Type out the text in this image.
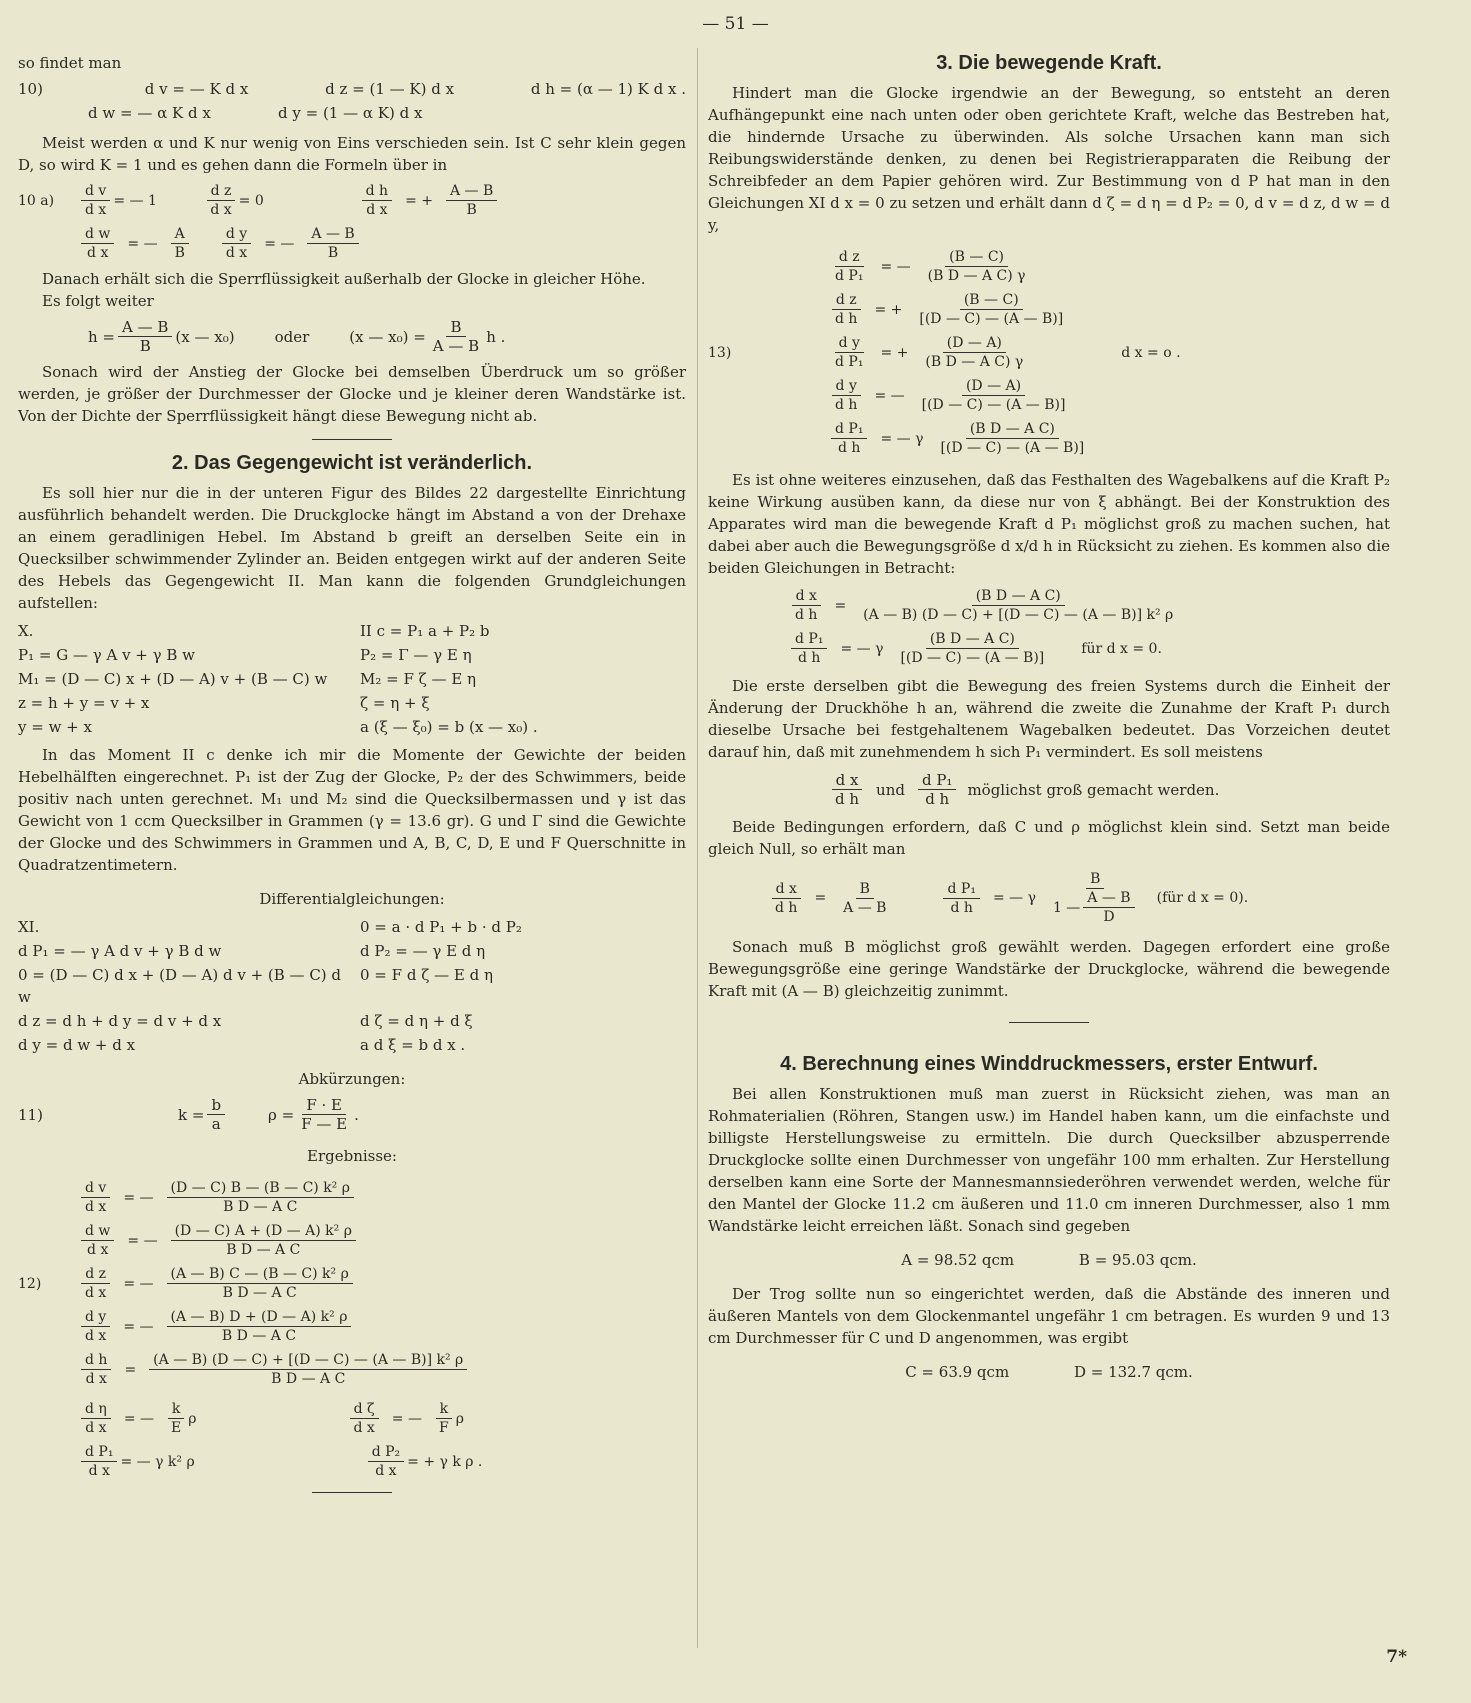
— 51 —

so findet man

10)	d v = — K d x	d z = (1 — K) d x	d h = (α — 1) K d x .
d w = — α K d x	d y = (1 — α K) d x

Meist werden α und K nur wenig von Eins verschieden sein. Ist C sehr klein gegen D, so wird K = 1 und es gehen dann die Formeln über in

10 a)	$\frac{\text{d v}}{\text{d x}}$ = — 1	$\frac{\text{d z}}{\text{d x}} = 0$	$\frac{\text{d h}}{\text{d x}}$ = + $\frac{A — B}{B}$
$\frac{\text{d w}}{\text{d x}}$ = — $\frac{A}{B} \frac{\text{d y}}{\text{d x}}$ = — $\frac{A — B}{B}$

Danach erhält sich die Sperrflüssigkeit außerhalb der Glocke in gleicher Höhe.

Es folgt weiter

$h = \frac{A — B}{B} (x$ — x₀)	oder	(x — $x_0) = \frac{B}{A — B}$ h .

Sonach wird der Anstieg der Glocke bei demselben Überdruck um so größer werden, je größer der Durchmesser der Glocke und je kleiner deren Wandstärke ist. Von der Dichte der Sperrflüssigkeit hängt diese Bewegung nicht ab.

2. Das Gegengewicht ist veränderlich.

Es soll hier nur die in der unteren Figur des Bildes 22 dargestellte Einrichtung ausführlich behandelt werden. Die Druckglocke hängt im Abstand a von der Drehaxe an einem geradlinigen Hebel. Im Abstand b greift an derselben Seite ein in Quecksilber schwimmender Zylinder an. Beiden entgegen wirkt auf der anderen Seite des Hebels das Gegengewicht II. Man kann die folgenden Grundgleichungen aufstellen:

X.	II c = P₁ a + P₂ b
P₁ = G — γ A v + γ B w	P₂ = Γ — γ E η
M₁ = (D — C) x + (D — A) v + (B — C) w	M₂ = F ζ — E η
z = h + y = v + x	ζ = η + ξ
y = w + x	a (ξ — ξ₀) = b (x — x₀) .

In das Moment II c denke ich mir die Momente der Gewichte der beiden Hebelhälften eingerechnet. P₁ ist der Zug der Glocke, P₂ der des Schwimmers, beide positiv nach unten gerechnet. M₁ und M₂ sind die Quecksilbermassen und γ ist das Gewicht von 1 ccm Quecksilber in Grammen (γ = 13.6 gr). G und Γ sind die Gewichte der Glocke und des Schwimmers in Grammen und A, B, C, D, E und F Querschnitte in Quadratzentimetern.

Differentialgleichungen:
XI.	0 = a · d P₁ + b · d P₂
d P₁ = — γ A d v + γ B d w	d P₂ = — γ E d η
0 = (D — C) d x + (D — A) d v + (B — C) d w
0 = F d ζ — E d η
d z = d h + d y = d v + d x	d ζ = d η + d ξ
d y = d w + d x	a d ξ = b d x .
Abkürzungen:
11)	$k = \frac{b}{a}$	$\rho = \frac{F \cdot E}{F — E}$ .
Ergebnisse:
12)
$\frac{\text{d v}}{\text{d x}}$ = — $\frac{\text{(D — C) B — (B — C) k² ρ}}{\text{B D — A C}}$
$\frac{\text{d w}}{\text{d x}}$ = — $\frac{\text{(D — C) A + (D — A) k² ρ}}{\text{B D — A C}}$
$\frac{\text{d z}}{\text{d x}}$ = — $\frac{\text{(A — B) C — (B — C) k² ρ}}{\text{B D — A C}}$
$\frac{\text{d y}}{\text{d x}}$ = — $\frac{\text{(A — B) D + (D — A) k² ρ}}{\text{B D — A C}}$
$\frac{\text{d h}}{\text{d x}} = \frac{\text{(A — B) (D — C) + [(D — C) — (A — B)] k² ρ}}{\text{B D — A C}}$
$\frac{\text{d η}}{\text{d x}}$ = — $\frac{k}{E}$ ρ	$\frac{\text{d ζ}}{\text{d x}}$ = — $\frac{k}{F}$ ρ
$\frac{\text{d P₁}}{\text{d x}}$ = — γ k² ρ	$\frac{\text{d P₂}}{\text{d x}}$ = + γ k ρ .
3. Die bewegende Kraft.

Hindert man die Glocke irgendwie an der Bewegung, so entsteht an deren Aufhängepunkt eine nach unten oder oben gerichtete Kraft, welche das Bestreben hat, die hindernde Ursache zu überwinden. Als solche Ursachen kann man sich Reibungswiderstände denken, zu denen bei Registrierapparaten die Reibung der Schreibfeder an dem Papier gehören wird. Zur Bestimmung von d P hat man in den Gleichungen XI d x = 0 zu setzen und erhält dann d ζ = d η = d P₂ = 0, d v = d z, d w = d y,

13)
$\frac{\text{d z}}{\text{d P₁}}$ = — $\frac{(B — C)}{\text{(B D — A C) γ}}$
$\frac{\text{d z}}{\text{d h}}$ = + $\frac{(B — C)}{[(D — C) — (A — B)]}$
$\frac{\text{d y}}{\text{d P₁}}$ = + $\frac{(D — A)}{\text{(B D — A C) γ}}$
$\frac{\text{d y}}{\text{d h}}$ = — $\frac{(D — A)}{[(D — C) — (A — B)]}$
$\frac{\text{d P₁}}{\text{d h}}$ = — γ $\frac{\text{(B D — A C)}}{[(D — C) — (A — B)]}$
d x = o .

Es ist ohne weiteres einzusehen, daß das Festhalten des Wagebalkens auf die Kraft P₂ keine Wirkung ausüben kann, da diese nur von ξ abhängt. Bei der Konstruktion des Apparates wird man die bewegende Kraft d P₁ möglichst groß zu machen suchen, hat dabei aber auch die Bewegungsgröße d x/d h in Rücksicht zu ziehen. Es kommen also die beiden Gleichungen in Betracht:

$\frac{\text{d x}}{\text{d h}} = \frac{\text{(B D — A C)}}{\text{(A — B) (D — C) + [(D — C) — (A — B)] k² ρ}}$
$\frac{\text{d P₁}}{\text{d h}}$ = — γ $\frac{\text{(B D — A C)}}{[(D — C) — (A — B)]}$ für d x = 0.

Die erste derselben gibt die Bewegung des freien Systems durch die Einheit der Änderung der Druckhöhe h an, während die zweite die Zunahme der Kraft P₁ durch dieselbe Ursache bei festgehaltenem Wagebalken bedeutet. Das Vorzeichen deutet darauf hin, daß mit zunehmendem h sich P₁ vermindert. Es soll meistens

$\frac{\text{d x}}{\text{d h}}$ und $\frac{\text{d P₁}}{\text{d h}}$ möglichst groß gemacht werden.

Beide Bedingungen erfordern, daß C und ρ möglichst klein sind. Setzt man beide gleich Null, so erhält man

$\frac{\text{d x}}{\text{d h}} = \frac{B}{A — B}$	$\frac{\text{d P₁}}{\text{d h}}$ = — γ $\frac{B}{1 — \frac{A — B}{D}}$ (für d x = 0).

Sonach muß B möglichst groß gewählt werden. Dagegen erfordert eine große Bewegungsgröße eine geringe Wandstärke der Druckglocke, während die bewegende Kraft mit (A — B) gleichzeitig zunimmt.

4. Berechnung eines Winddruckmessers, erster Entwurf.

Bei allen Konstruktionen muß man zuerst in Rücksicht ziehen, was man an Rohmaterialien (Röhren, Stangen usw.) im Handel haben kann, um die einfachste und billigste Herstellungsweise zu ermitteln. Die durch Quecksilber abzusperrende Druckglocke sollte einen Durchmesser von ungefähr 100 mm erhalten. Zur Herstellung derselben kann eine Sorte der Mannesmannsiederöhren verwendet werden, welche für den Mantel der Glocke 11.2 cm äußeren und 11.0 cm inneren Durchmesser, also 1 mm Wandstärke leicht erreichen läßt. Sonach sind gegeben

A = 98.52 qcm	B = 95.03 qcm.

Der Trog sollte nun so eingerichtet werden, daß die Abstände des inneren und äußeren Mantels von dem Glockenmantel ungefähr 1 cm betragen. Es wurden 9 und 13 cm Durchmesser für C und D angenommen, was ergibt

C = 63.9 qcm	D = 132.7 qcm.
7*
